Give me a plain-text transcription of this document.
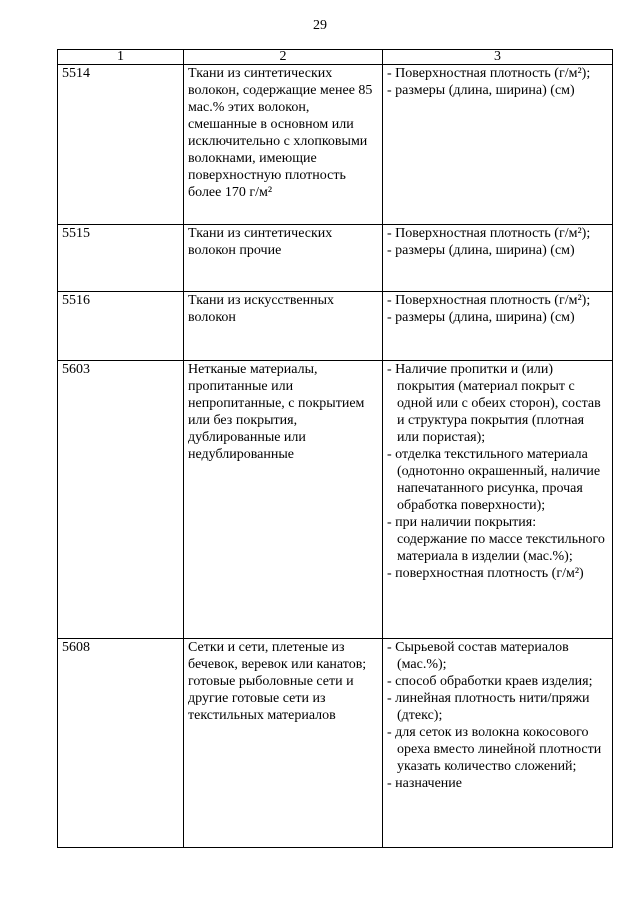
29
1	2	3
5514	Ткани из синтетических волокон, содержащие менее 85 мас.% этих волокон, смешанные в основном или исключительно с хлопковыми волокнами, имеющие поверхностную плотность более 170 г/м²	- Поверхностная плотность (г/м²);
- размеры (длина, ширина) (см)

5515	Ткани из синтетических волокон прочие	- Поверхностная плотность (г/м²);
- размеры (длина, ширина) (см)

5516	Ткани из искусственных волокон	- Поверхностная плотность (г/м²);
- размеры (длина, ширина) (см)

5603	Нетканые материалы, пропитанные или непропитанные, с покрытием или без покрытия, дублированные или недублированные	- Наличие пропитки и (или) покрытия (материал покрыт с одной или с обеих сторон), состав и структура покрытия (плотная или пористая);
- отделка текстильного материала (однотонно окрашенный, наличие напечатанного рисунка, прочая обработка поверхности);
- при наличии покрытия: содержание по массе текстильного материала в изделии (мас.%);
- поверхностная плотность (г/м²)

5608	Сетки и сети, плетеные из бечевок, веревок или канатов; готовые рыболовные сети и другие готовые сети из текстильных материалов	- Сырьевой состав материалов (мас.%);
- способ обработки краев изделия;
- линейная плотность нити/пряжи (дтекс);
- для сеток из волокна кокосового ореха вместо линейной плотности указать количество сложений;
- назначение
